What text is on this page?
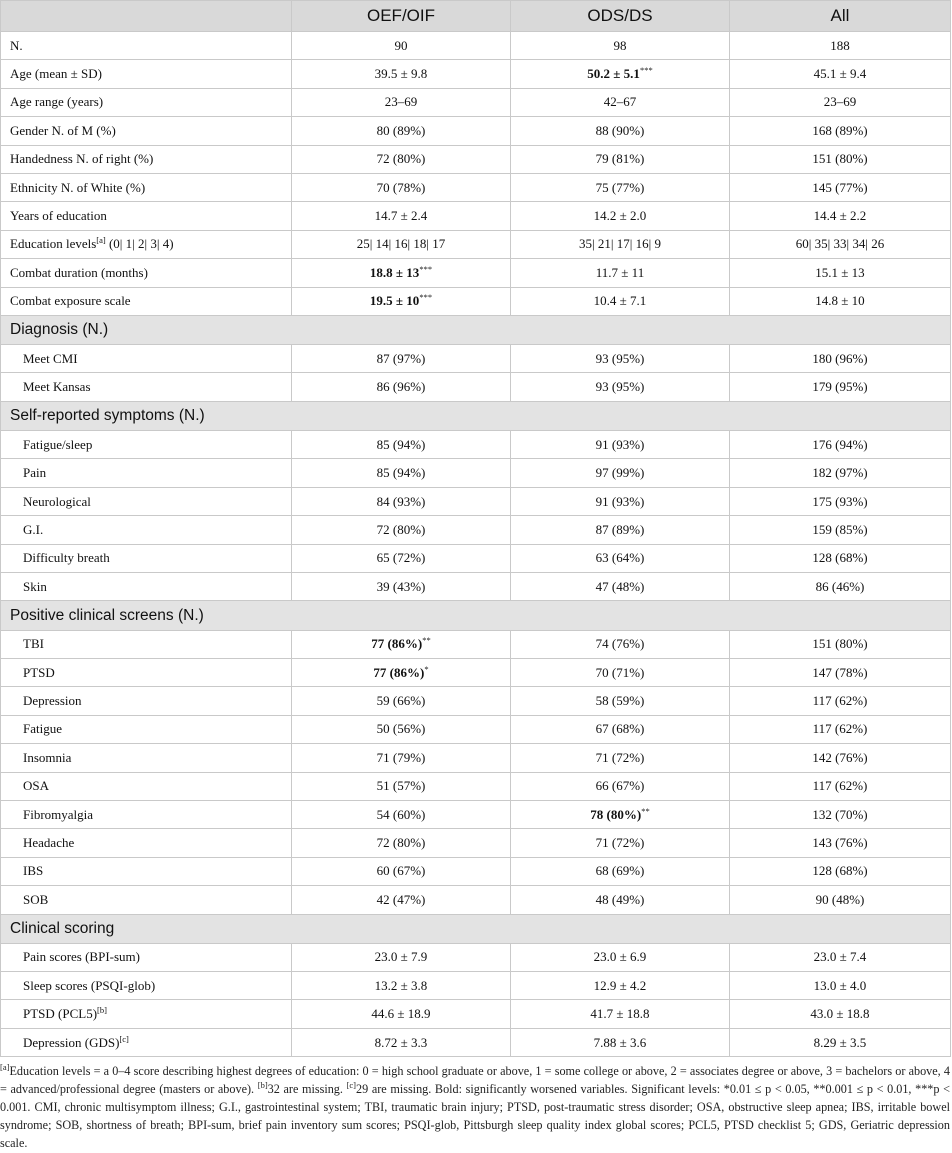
	OEF/OIF	ODS/DS	All
N.	90	98	188
Age (mean ± SD)	39.5 ± 9.8	50.2 ± 5.1***	45.1 ± 9.4
Age range (years)	23–69	42–67	23–69
Gender N. of M (%)	80 (89%)	88 (90%)	168 (89%)
Handedness N. of right (%)	72 (80%)	79 (81%)	151 (80%)
Ethnicity N. of White (%)	70 (78%)	75 (77%)	145 (77%)
Years of education	14.7 ± 2.4	14.2 ± 2.0	14.4 ± 2.2
Education levels[a] (0| 1| 2| 3| 4)	25| 14| 16| 18| 17	35| 21| 17| 16| 9	60| 35| 33| 34| 26
Combat duration (months)	18.8 ± 13***	11.7 ± 11	15.1 ± 13
Combat exposure scale	19.5 ± 10***	10.4 ± 7.1	14.8 ± 10
Diagnosis (N.)			
Meet CMI	87 (97%)	93 (95%)	180 (96%)
Meet Kansas	86 (96%)	93 (95%)	179 (95%)
Self-reported symptoms (N.)			
Fatigue/sleep	85 (94%)	91 (93%)	176 (94%)
Pain	85 (94%)	97 (99%)	182 (97%)
Neurological	84 (93%)	91 (93%)	175 (93%)
G.I.	72 (80%)	87 (89%)	159 (85%)
Difficulty breath	65 (72%)	63 (64%)	128 (68%)
Skin	39 (43%)	47 (48%)	86 (46%)
Positive clinical screens (N.)			
TBI	77 (86%)**	74 (76%)	151 (80%)
PTSD	77 (86%)*	70 (71%)	147 (78%)
Depression	59 (66%)	58 (59%)	117 (62%)
Fatigue	50 (56%)	67 (68%)	117 (62%)
Insomnia	71 (79%)	71 (72%)	142 (76%)
OSA	51 (57%)	66 (67%)	117 (62%)
Fibromyalgia	54 (60%)	78 (80%)**	132 (70%)
Headache	72 (80%)	71 (72%)	143 (76%)
IBS	60 (67%)	68 (69%)	128 (68%)
SOB	42 (47%)	48 (49%)	90 (48%)
Clinical scoring			
Pain scores (BPI-sum)	23.0 ± 7.9	23.0 ± 6.9	23.0 ± 7.4
Sleep scores (PSQI-glob)	13.2 ± 3.8	12.9 ± 4.2	13.0 ± 4.0
PTSD (PCL5)[b]	44.6 ± 18.9	41.7 ± 18.8	43.0 ± 18.8
Depression (GDS)[c]	8.72 ± 3.3	7.88 ± 3.6	8.29 ± 3.5
[a]Education levels = a 0–4 score describing highest degrees of education: 0 = high school graduate or above, 1 = some college or above, 2 = associates degree or above, 3 = bachelors or above, 4 = advanced/professional degree (masters or above). [b]32 are missing. [c]29 are missing. Bold: significantly worsened variables. Significant levels: *0.01 ≤ p < 0.05, **0.001 ≤ p < 0.01, ***p < 0.001. CMI, chronic multisymptom illness; G.I., gastrointestinal system; TBI, traumatic brain injury; PTSD, post-traumatic stress disorder; OSA, obstructive sleep apnea; IBS, irritable bowel syndrome; SOB, shortness of breath; BPI-sum, brief pain inventory sum scores; PSQI-glob, Pittsburgh sleep quality index global scores; PCL5, PTSD checklist 5; GDS, Geriatric depression scale.
